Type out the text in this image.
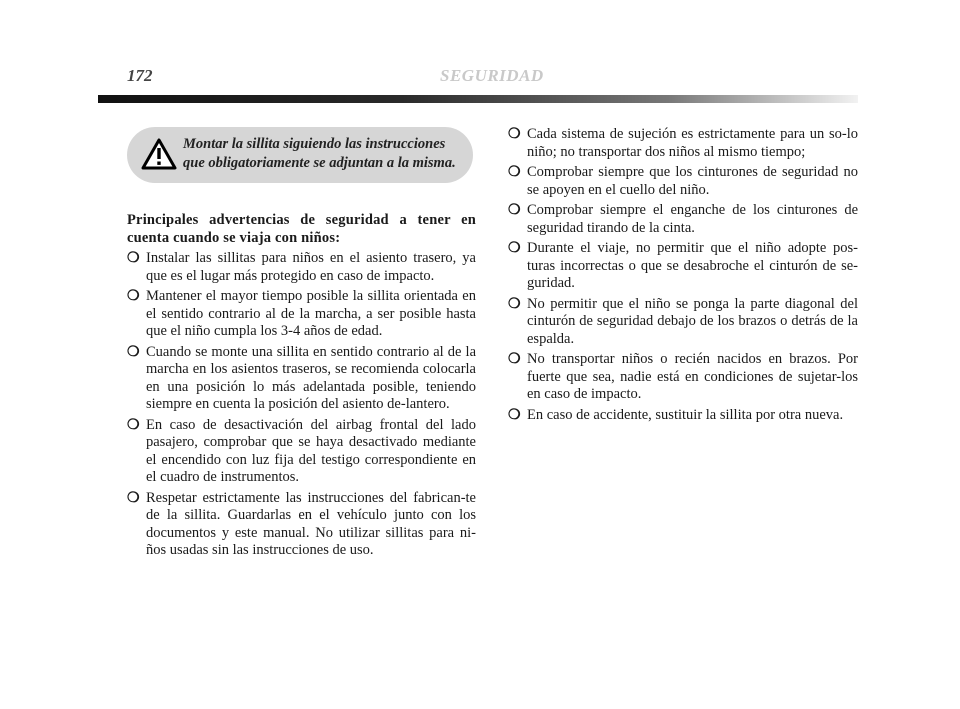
172	SEGURIDAD
Montar la sillita siguiendo las instrucciones que obligatoriamente se adjuntan a la misma.

Principales advertencias de seguridad a tener en cuenta cuando se viaja con niños:

❍ Instalar las sillitas para niños en el asiento trasero, ya que es el lugar más protegido en caso de impacto.
❍ Mantener el mayor tiempo posible la sillita orientada en el sentido contrario al de la marcha, a ser posible hasta que el niño cumpla los 3-4 años de edad.
❍ Cuando se monte una sillita en sentido contrario al de la marcha en los asientos traseros, se recomienda colocarla en una posición lo más adelantada posible, teniendo siempre en cuenta la posición del asiento de-lantero.
❍ En caso de desactivación del airbag frontal del lado pasajero, comprobar que se haya desactivado mediante el encendido con luz fija del testigo correspondiente en el cuadro de instrumentos.
❍ Respetar estrictamente las instrucciones del fabrican-te de la sillita. Guardarlas en el vehículo junto con los documentos y este manual. No utilizar sillitas para ni-ños usadas sin las instrucciones de uso.
❍ Cada sistema de sujeción es estrictamente para un so-lo niño; no transportar dos niños al mismo tiempo;
❍ Comprobar siempre que los cinturones de seguridad no se apoyen en el cuello del niño.
❍ Comprobar siempre el enganche de los cinturones de seguridad tirando de la cinta.
❍ Durante el viaje, no permitir que el niño adopte pos-turas incorrectas o que se desabroche el cinturón de se-guridad.
❍ No permitir que el niño se ponga la parte diagonal del cinturón de seguridad debajo de los brazos o detrás de la espalda.
❍ No transportar niños o recién nacidos en brazos. Por fuerte que sea, nadie está en condiciones de sujetar-los en caso de impacto.
❍ En caso de accidente, sustituir la sillita por otra nueva.
